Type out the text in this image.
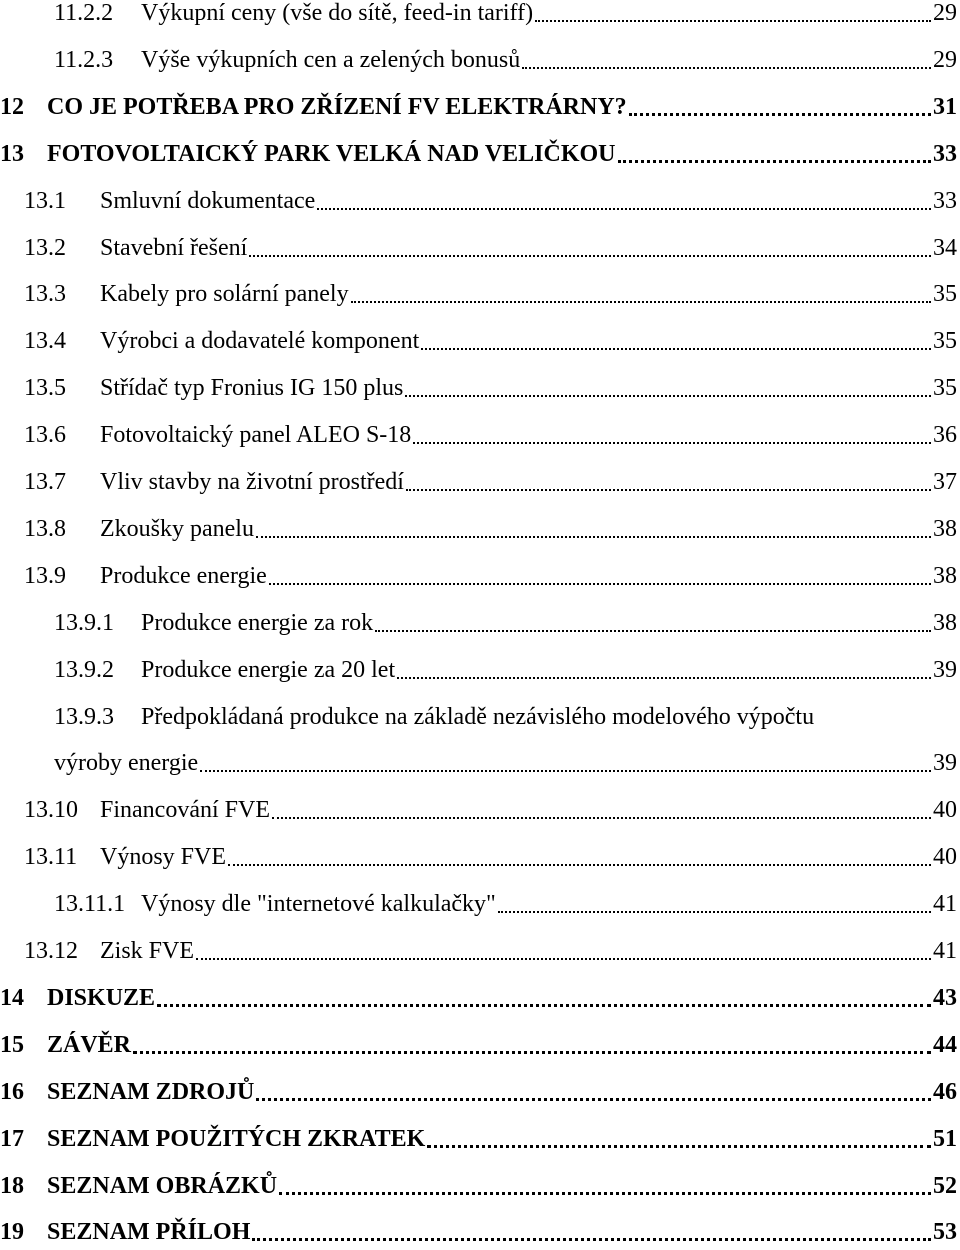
11.2.2 Výkupní ceny (vše do sítě, feed-in tariff)	29
11.2.3 Výše výkupních cen a zelených bonusů	29
12 CO JE POTŘEBA PRO ZŘÍZENÍ FV ELEKTRÁRNY?	31
13 FOTOVOLTAICKÝ PARK VELKÁ NAD VELIČKOU	33
13.1 Smluvní dokumentace	33
13.2 Stavební řešení	34
13.3 Kabely pro solární panely	35
13.4 Výrobci a dodavatelé komponent	35
13.5 Střídač typ Fronius IG 150 plus	35
13.6 Fotovoltaický panel ALEO S-18	36
13.7 Vliv stavby na životní prostředí	37
13.8 Zkoušky panelu	38
13.9 Produkce energie	38
13.9.1 Produkce energie za rok	38
13.9.2 Produkce energie za 20 let	39
13.9.3 Předpokládaná produkce na základě nezávislého modelového výpočtu
výroby energie	39
13.10 Financování FVE	40
13.11 Výnosy FVE	40
13.11.1 Výnosy dle "internetové kalkulačky"	41
13.12 Zisk FVE	41
14 DISKUZE	43
15 ZÁVĚR	44
16 SEZNAM ZDROJŮ	46
17 SEZNAM POUŽITÝCH ZKRATEK	51
18 SEZNAM OBRÁZKŮ	52
19 SEZNAM PŘÍLOH	53
